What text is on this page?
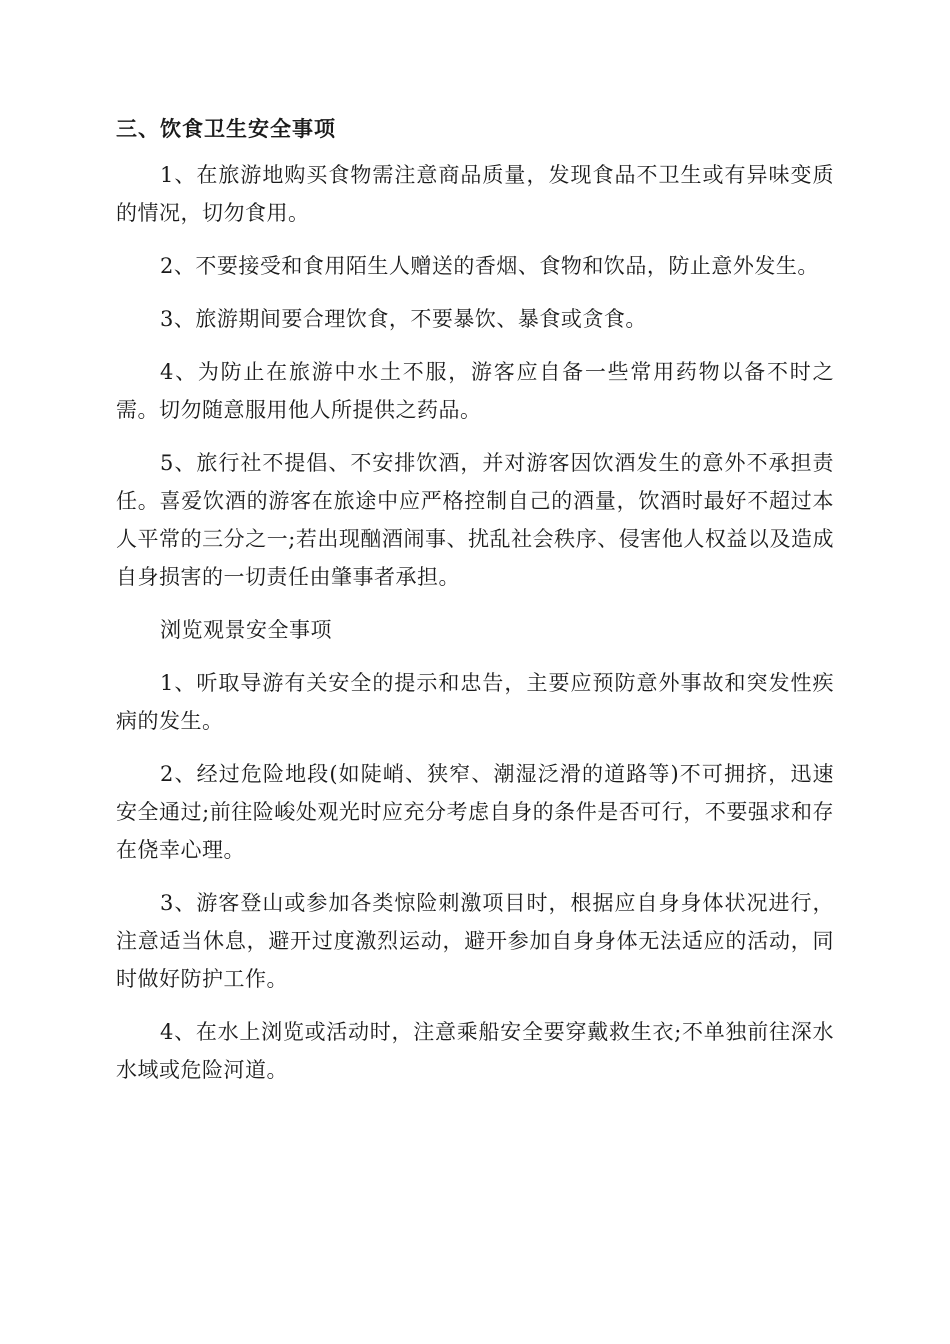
三、饮食卫生安全事项

1、在旅游地购买食物需注意商品质量，发现食品不卫生或有异味变质的情况，切勿食用。

2、不要接受和食用陌生人赠送的香烟、食物和饮品，防止意外发生。

3、旅游期间要合理饮食，不要暴饮、暴食或贪食。

4、为防止在旅游中水土不服，游客应自备一些常用药物以备不时之需。切勿随意服用他人所提供之药品。

5、旅行社不提倡、不安排饮酒，并对游客因饮酒发生的意外不承担责任。喜爱饮酒的游客在旅途中应严格控制自己的酒量，饮酒时最好不超过本人平常的三分之一;若出现酗酒闹事、扰乱社会秩序、侵害他人权益以及造成自身损害的一切责任由肇事者承担。

浏览观景安全事项

1、听取导游有关安全的提示和忠告，主要应预防意外事故和突发性疾病的发生。

2、经过危险地段(如陡峭、狭窄、潮湿泛滑的道路等)不可拥挤，迅速安全通过;前往险峻处观光时应充分考虑自身的条件是否可行，不要强求和存在侥幸心理。

3、游客登山或参加各类惊险刺激项目时，根据应自身身体状况进行，注意适当休息，避开过度激烈运动，避开参加自身身体无法适应的活动，同时做好防护工作。

4、在水上浏览或活动时，注意乘船安全要穿戴救生衣;不单独前往深水水域或危险河道。
